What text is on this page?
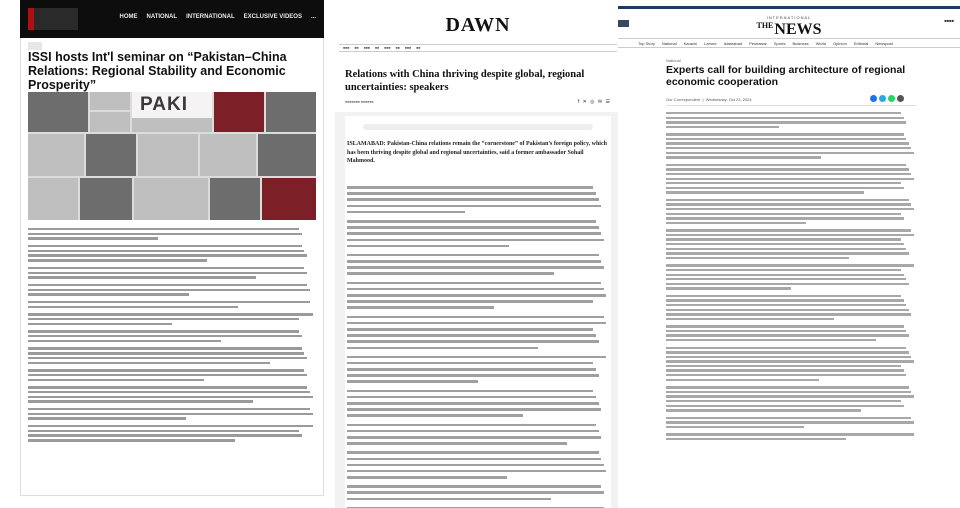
HOME NATIONAL INTERNATIONAL EXCLUSIVE VIDEOS ...

ISSI hosts Int'l seminar on “Pakistan–China Relations: Regional Stability and Economic Prosperity”
PAKI
DAWN

■■■ ■■ ■■■ ■■ ■■■ ■■ ■■■ ■■
Relations with China thriving despite global, regional uncertainties: speakers
■■■■■■■ ■■■■■■	f ✕ ◎ ✉ ☰
ISLAMABAD: Pakistan-China relations remain the “cornerstone” of Pakistan’s foreign policy, which has been thriving despite global and regional uncertainties, said a former ambassador Sohail Mahmood.

INTERNATIONAL
$^{THE}$NEWS
■■■■
Top Story National Karachi Lahore Islamabad Peshawar Sports Business World Opinion Editorial Newspost
National
Experts call for building architecture of regional economic cooperation
Our Correspondent  |  Wednesday, Oct 23, 2024
